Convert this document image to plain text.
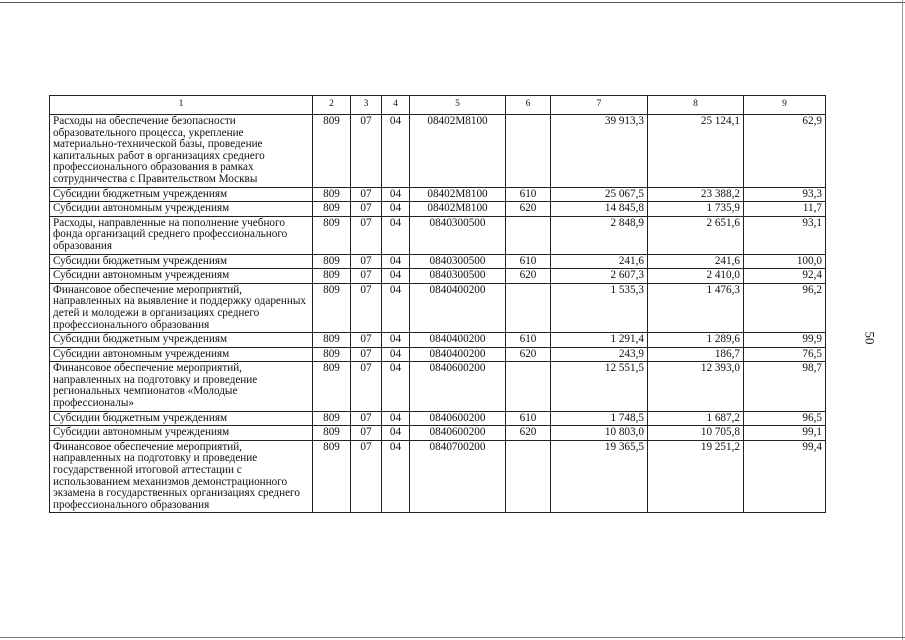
50
1	2	3	4	5	6	7	8	9
Расходы на обеспечение безопасности образовательного процесса, укрепление материально-технической базы, проведение капитальных работ в организациях среднего профессионального образования в рамках сотрудничества с Правительством Москвы	809	07	04	08402M8100		39 913,3	25 124,1	62,9
Субсидии бюджетным учреждениям	809	07	04	08402M8100	610	25 067,5	23 388,2	93,3
Субсидии автономным учреждениям	809	07	04	08402M8100	620	14 845,8	1 735,9	11,7
Расходы, направленные на пополнение учебного фонда организаций среднего профессионального образования	809	07	04	0840300500		2 848,9	2 651,6	93,1
Субсидии бюджетным учреждениям	809	07	04	0840300500	610	241,6	241,6	100,0
Субсидии автономным учреждениям	809	07	04	0840300500	620	2 607,3	2 410,0	92,4
Финансовое обеспечение мероприятий, направленных на выявление и поддержку одаренных детей и молодежи в организациях среднего профессионального образования	809	07	04	0840400200		1 535,3	1 476,3	96,2
Субсидии бюджетным учреждениям	809	07	04	0840400200	610	1 291,4	1 289,6	99,9
Субсидии автономным учреждениям	809	07	04	0840400200	620	243,9	186,7	76,5
Финансовое обеспечение мероприятий, направленных на подготовку и проведение региональных чемпионатов «Молодые профессионалы»	809	07	04	0840600200		12 551,5	12 393,0	98,7
Субсидии бюджетным учреждениям	809	07	04	0840600200	610	1 748,5	1 687,2	96,5
Субсидии автономным учреждениям	809	07	04	0840600200	620	10 803,0	10 705,8	99,1
Финансовое обеспечение мероприятий, направленных на подготовку и проведение государственной итоговой аттестации с использованием механизмов демонстрационного экзамена в государственных организациях среднего профессионального образования	809	07	04	0840700200		19 365,5	19 251,2	99,4
